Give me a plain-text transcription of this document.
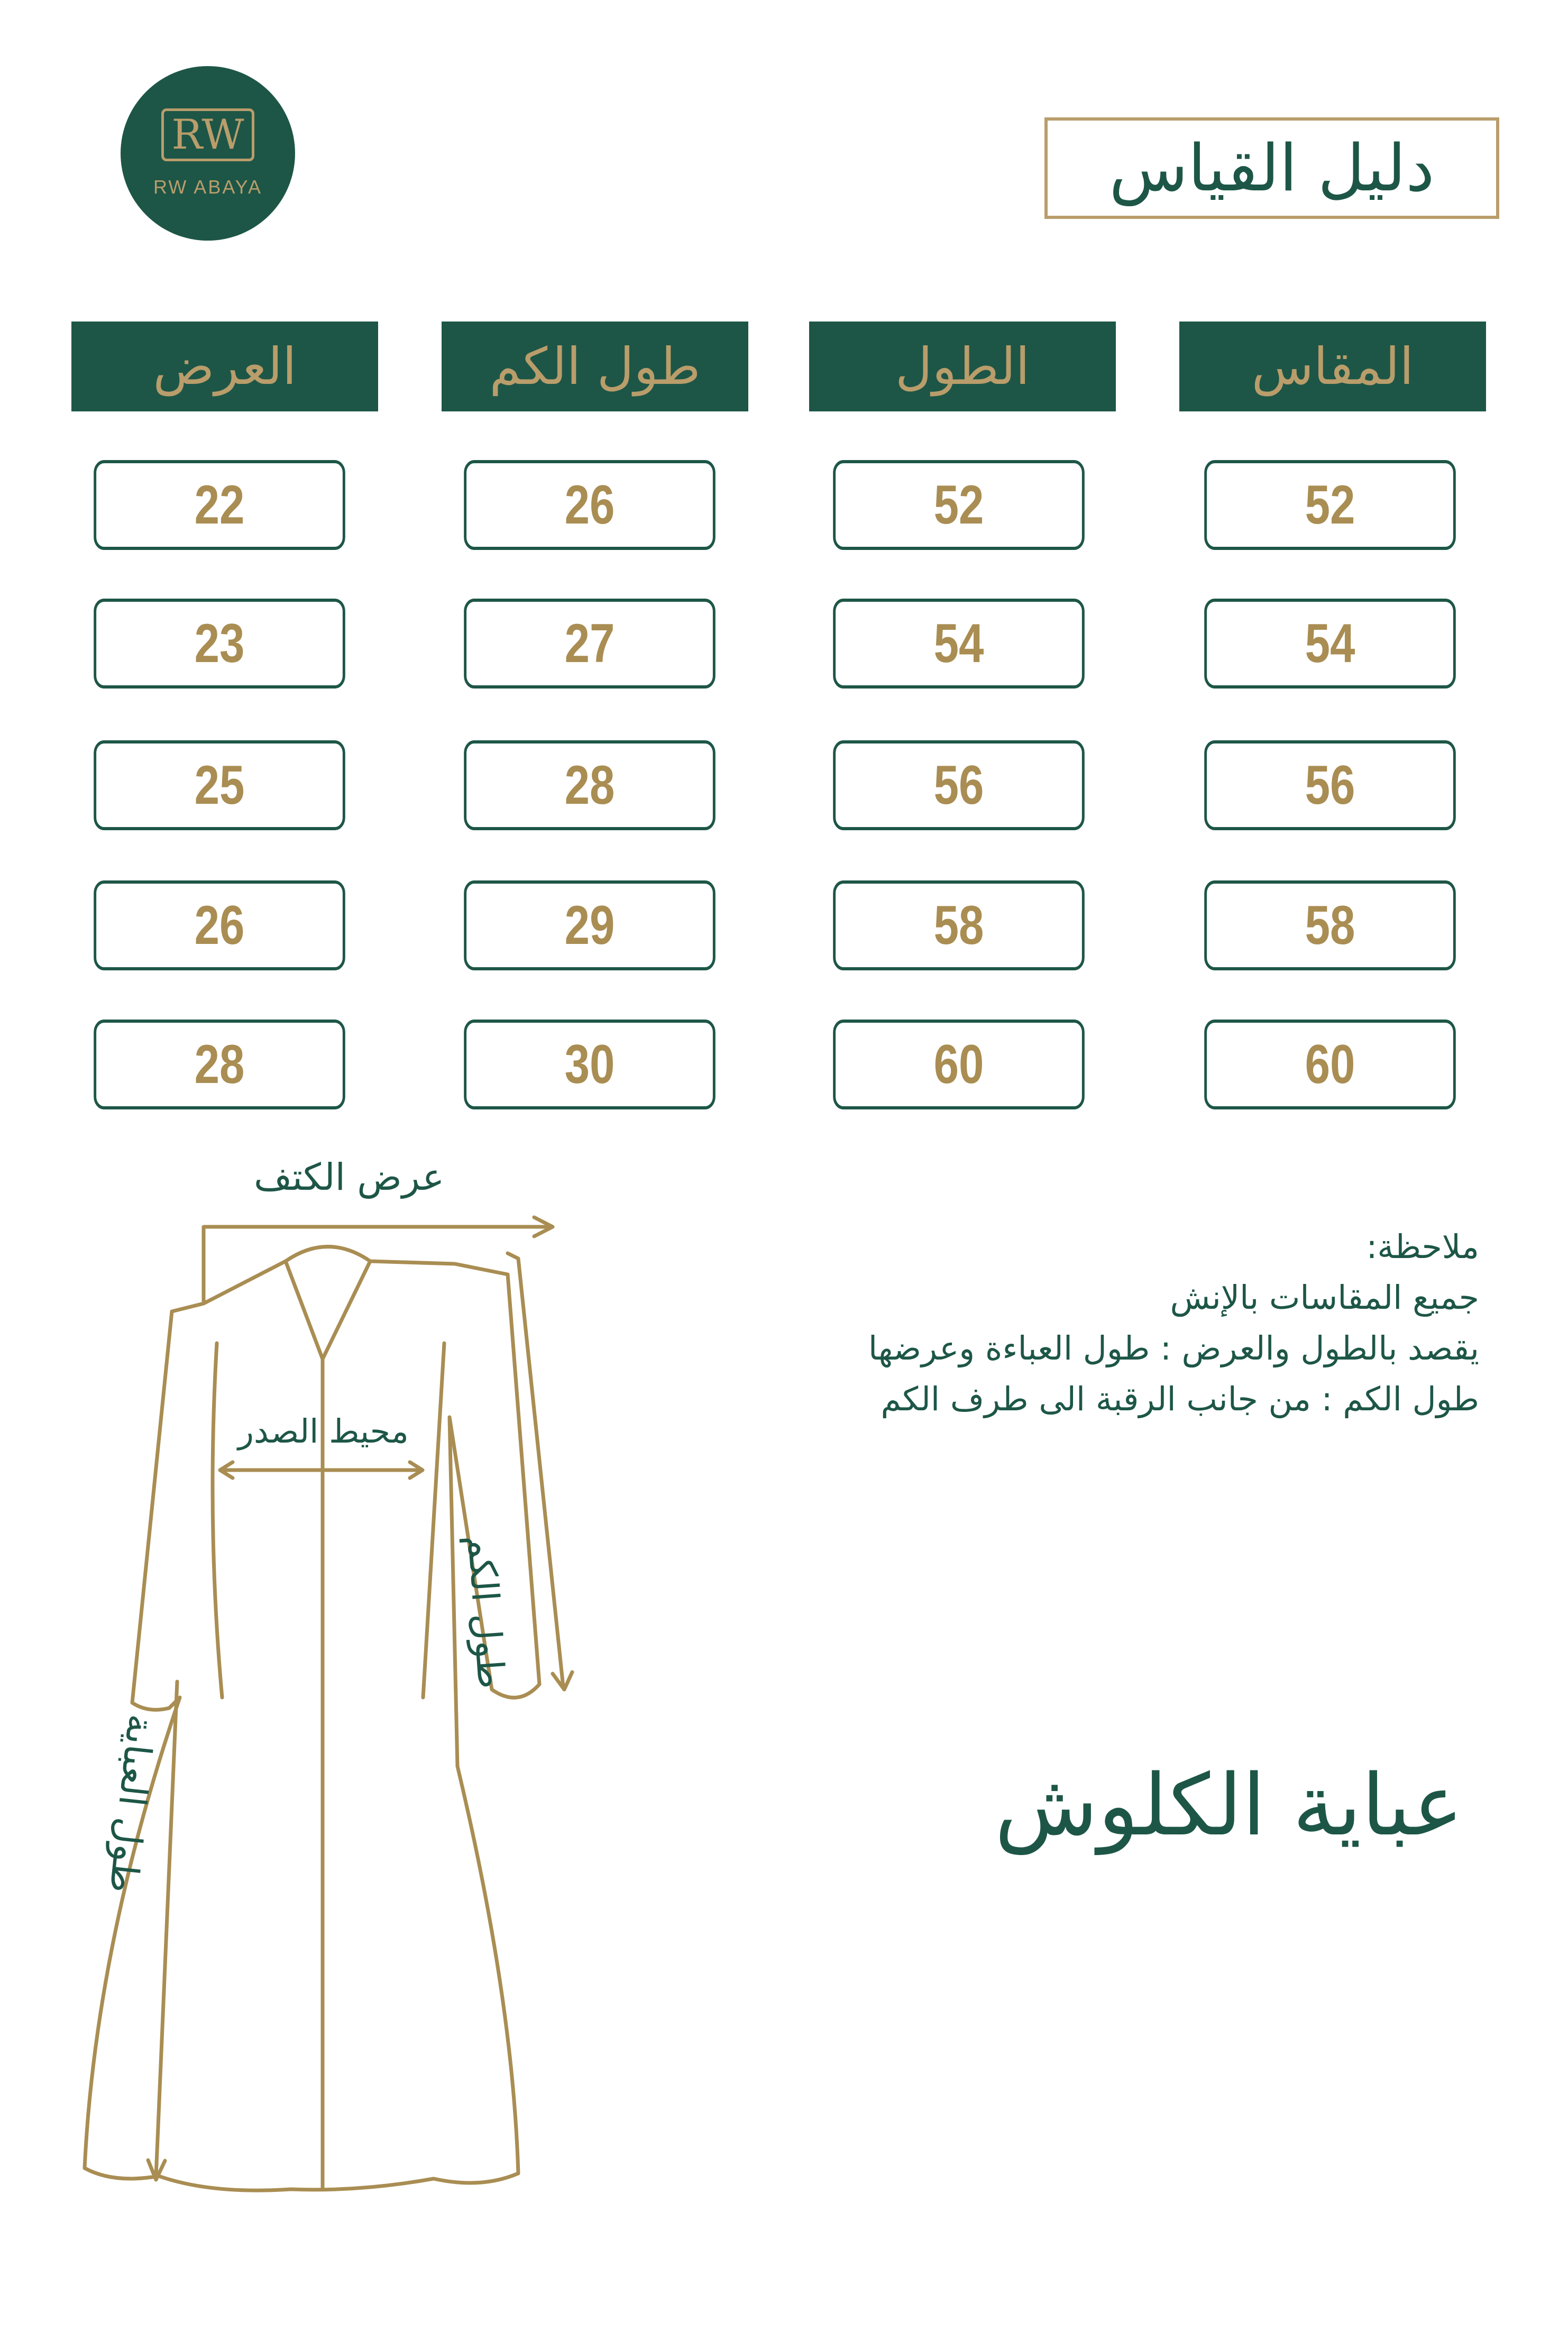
RW
RW ABAYA	دليل القياس
المقاس
الطول
طول الكم
العرض
52
52
26
22
54
54
27
23
56
56
28
25
58
58
29
26
60
60
30
28
ملاحظة:
جميع المقاسات بالإنش
يقصد بالطول والعرض : طول العباءة وعرضها
طول الكم : من جانب الرقبة الى طرف الكم
عباية الكلوش
عرض الكتف
محيط الصدر
طول الكم
طول العباية
